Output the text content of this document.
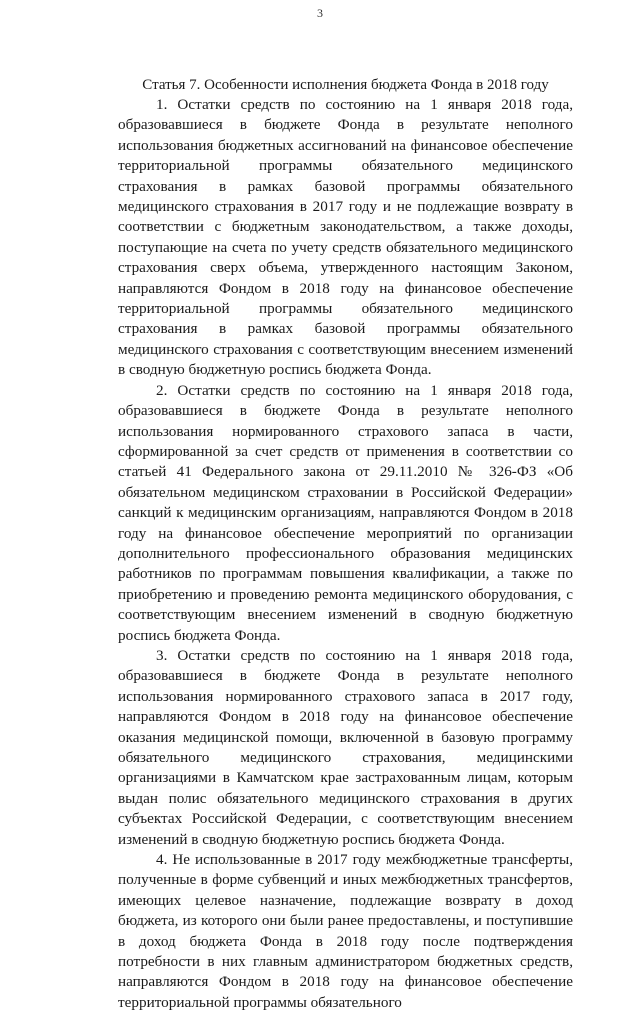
3

Статья 7. Особенности исполнения бюджета Фонда в 2018 году

1. Остатки средств по состоянию на 1 января 2018 года, образовавшиеся в бюджете Фонда в результате неполного использования бюджетных ассигнований на финансовое обеспечение территориальной программы обязательного медицинского страхования в рамках базовой программы обязательного медицинского страхования в 2017 году и не подлежащие возврату в соответствии с бюджетным законодательством, а также доходы, поступающие на счета по учету средств обязательного медицинского страхования сверх объема, утвержденного настоящим Законом, направляются Фондом в 2018 году на финансовое обеспечение территориальной программы обязательного медицинского страхования в рамках базовой программы обязательного медицинского страхования с соответствующим внесением изменений в сводную бюджетную роспись бюджета Фонда.

2. Остатки средств по состоянию на 1 января 2018 года, образовавшиеся в бюджете Фонда в результате неполного использования нормированного страхового запаса в части, сформированной за счет средств от применения в соответствии со статьей 41 Федерального закона от 29.11.2010 № 326-ФЗ «Об обязательном медицинском страховании в Российской Федерации» санкций к медицинским организациям, направляются Фондом в 2018 году на финансовое обеспечение мероприятий по организации дополнительного профессионального образования медицинских работников по программам повышения квалификации, а также по приобретению и проведению ремонта медицинского оборудования, с соответствующим внесением изменений в сводную бюджетную роспись бюджета Фонда.

3. Остатки средств по состоянию на 1 января 2018 года, образовавшиеся в бюджете Фонда в результате неполного использования нормированного страхового запаса в 2017 году, направляются Фондом в 2018 году на финансовое обеспечение оказания медицинской помощи, включенной в базовую программу обязательного медицинского страхования, медицинскими организациями в Камчатском крае застрахованным лицам, которым выдан полис обязательного медицинского страхования в других субъектах Российской Федерации, с соответствующим внесением изменений в сводную бюджетную роспись бюджета Фонда.

4. Не использованные в 2017 году межбюджетные трансферты, полученные в форме субвенций и иных межбюджетных трансфертов, имеющих целевое назначение, подлежащие возврату в доход бюджета, из которого они были ранее предоставлены, и поступившие в доход бюджета Фонда в 2018 году после подтверждения потребности в них главным администратором бюджетных средств, направляются Фондом в 2018 году на финансовое обеспечение территориальной программы обязательного
